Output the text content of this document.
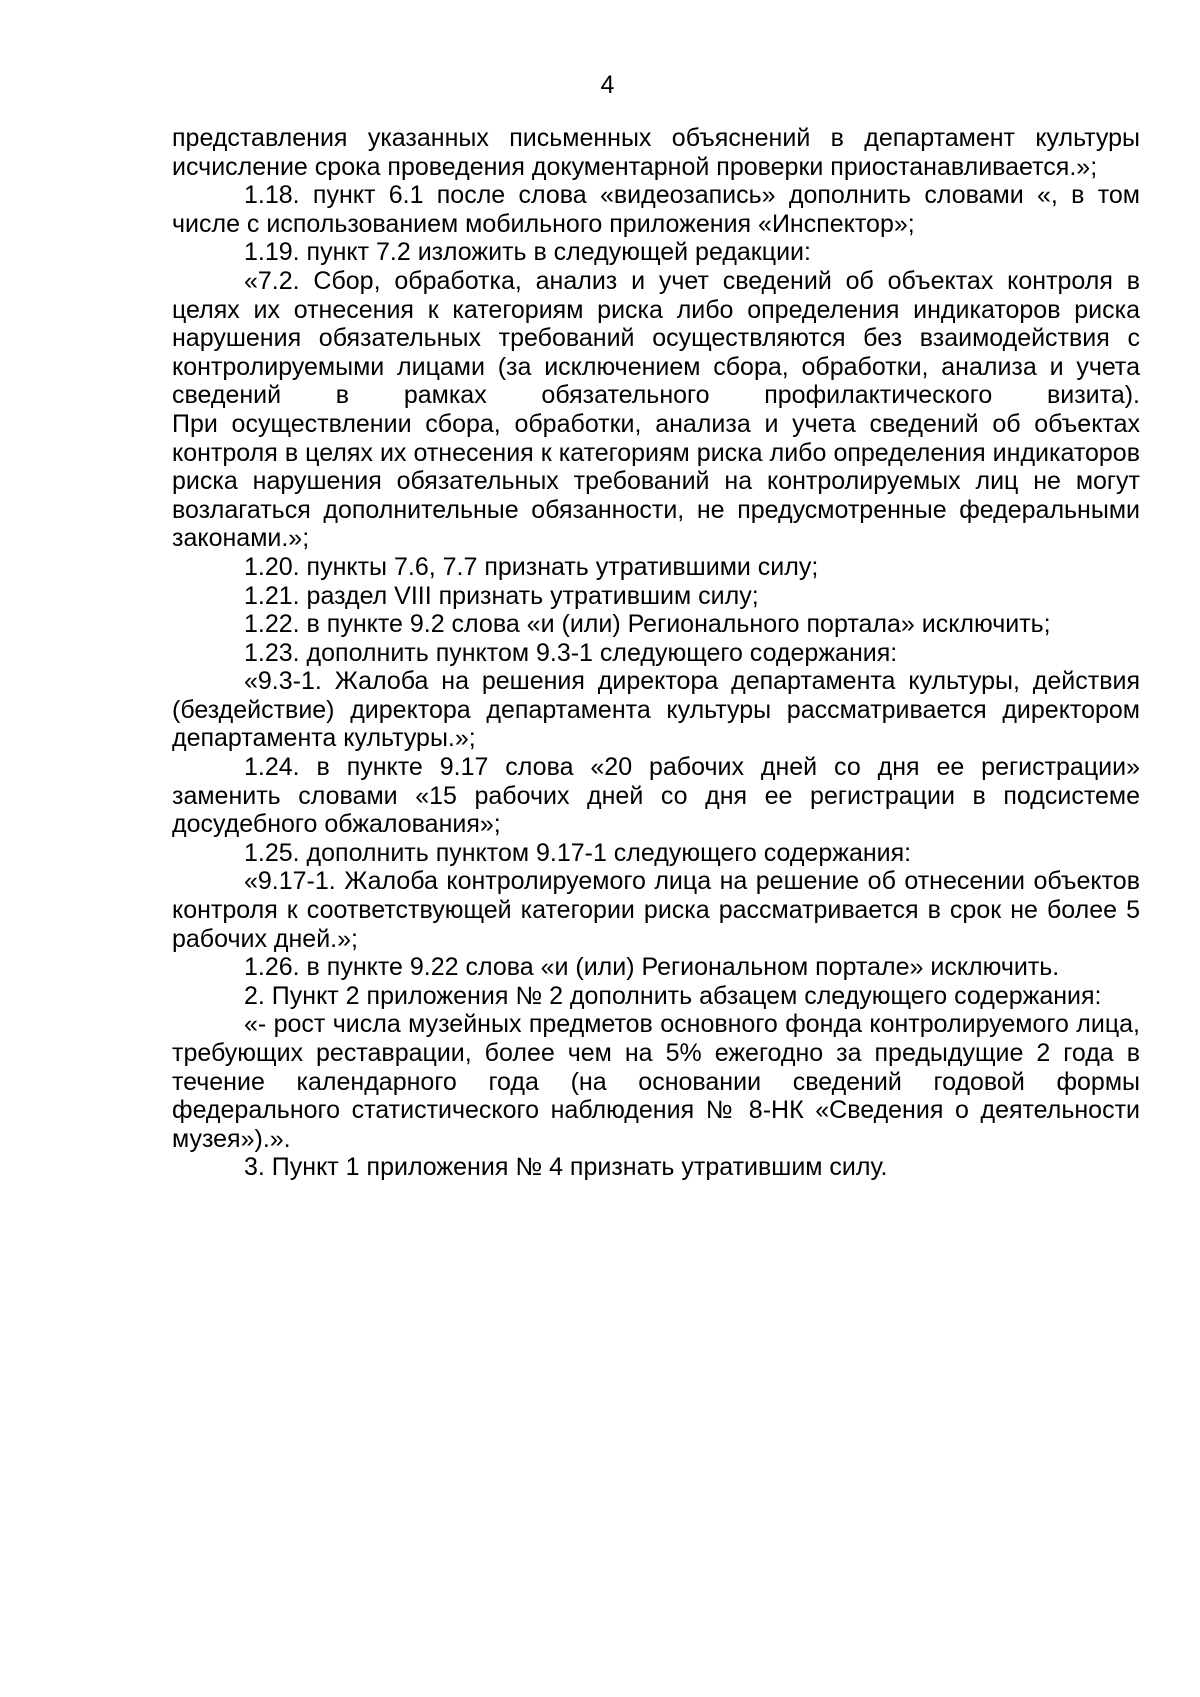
4

представления указанных письменных объяснений в департамент культуры исчисление срока проведения документарной проверки приостанавливается.»;

1.18. пункт 6.1 после слова «видеозапись» дополнить словами «, в том числе с использованием мобильного приложения «Инспектор»;

1.19. пункт 7.2 изложить в следующей редакции:

«7.2. Сбор, обработка, анализ и учет сведений об объектах контроля в целях их отнесения к категориям риска либо определения индикаторов риска нарушения обязательных требований осуществляются без взаимодействия с контролируемыми лицами (за исключением сбора, обработки, анализа и учета сведений в рамках обязательного профилактического визита).

При осуществлении сбора, обработки, анализа и учета сведений об объектах контроля в целях их отнесения к категориям риска либо определения индикаторов риска нарушения обязательных требований на контролируемых лиц не могут возлагаться дополнительные обязанности, не предусмотренные федеральными законами.»;

1.20. пункты 7.6, 7.7 признать утратившими силу;

1.21. раздел VIII признать утратившим силу;

1.22. в пункте 9.2 слова «и (или) Регионального портала» исключить;

1.23. дополнить пунктом 9.3-1 следующего содержания:

«9.3-1. Жалоба на решения директора департамента культуры, действия (бездействие) директора департамента культуры рассматривается директором департамента культуры.»;

1.24. в пункте 9.17 слова «20 рабочих дней со дня ее регистрации» заменить словами «15 рабочих дней со дня ее регистрации в подсистеме досудебного обжалования»;

1.25. дополнить пунктом 9.17-1 следующего содержания:

«9.17-1. Жалоба контролируемого лица на решение об отнесении объектов контроля к соответствующей категории риска рассматривается в срок не более 5 рабочих дней.»;

1.26. в пункте 9.22 слова «и (или) Региональном портале» исключить.

2. Пункт 2 приложения № 2 дополнить абзацем следующего содержания:

«- рост числа музейных предметов основного фонда контролируемого лица, требующих реставрации, более чем на 5% ежегодно за предыдущие 2 года в течение календарного года (на основании сведений годовой формы федерального статистического наблюдения № 8-НК «Сведения о деятельности музея»).».

3. Пункт 1 приложения № 4 признать утратившим силу.
